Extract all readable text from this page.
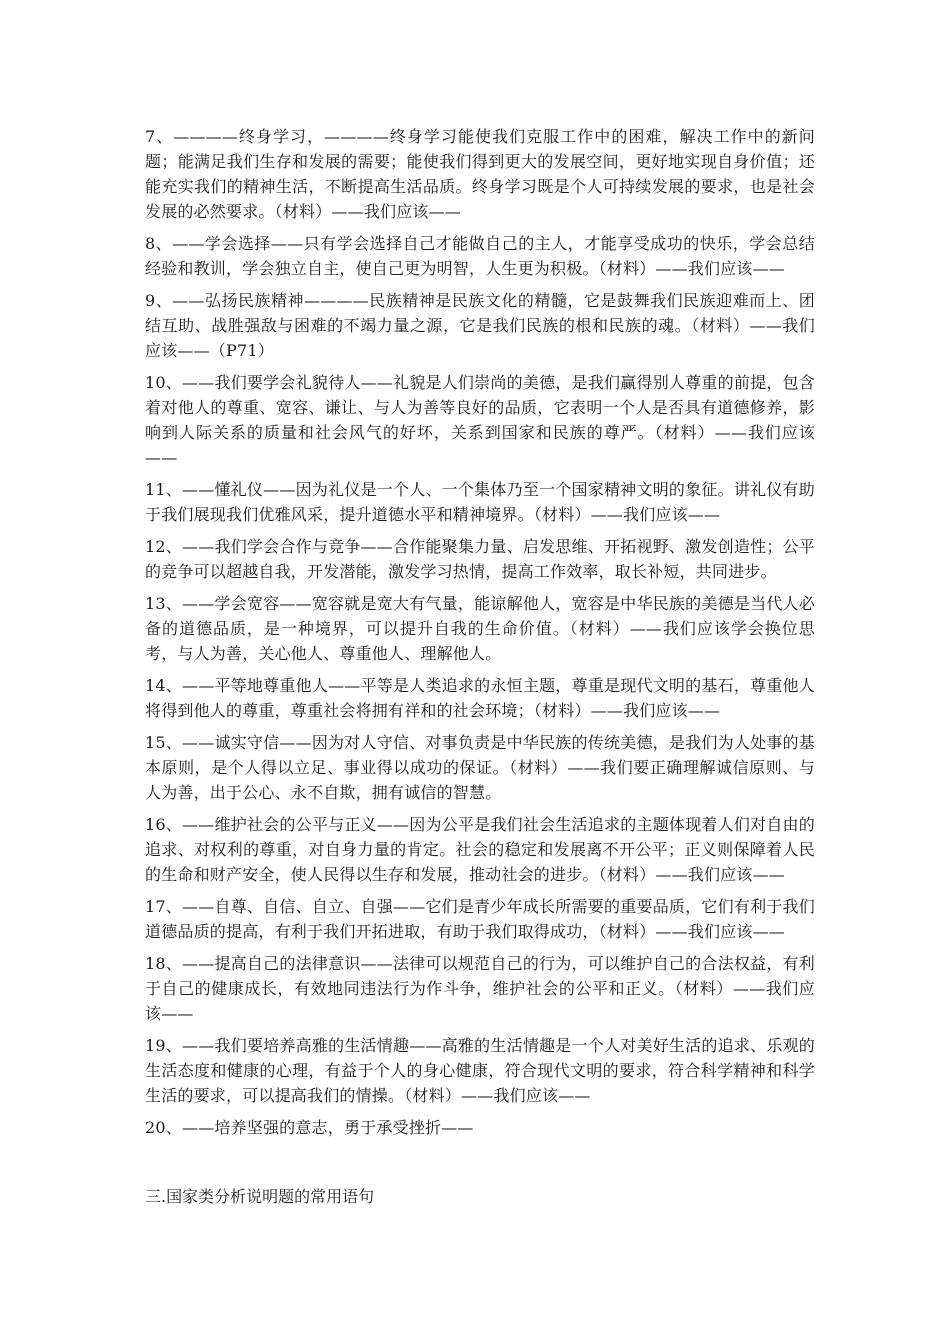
7、————终身学习，————终身学习能使我们克服工作中的困难，解决工作中的新问题；能满足我们生存和发展的需要；能使我们得到更大的发展空间，更好地实现自身价值；还能充实我们的精神生活，不断提高生活品质。终身学习既是个人可持续发展的要求，也是社会发展的必然要求。（材料）——我们应该——

8、——学会选择——只有学会选择自己才能做自己的主人，才能享受成功的快乐，学会总结经验和教训，学会独立自主，使自己更为明智，人生更为积极。（材料）——我们应该——

9、——弘扬民族精神————民族精神是民族文化的精髓，它是鼓舞我们民族迎难而上、团结互助、战胜强敌与困难的不竭力量之源，它是我们民族的根和民族的魂。（材料）——我们应该——（P71）

10、——我们要学会礼貌待人——礼貌是人们崇尚的美德，是我们赢得别人尊重的前提，包含着对他人的尊重、宽容、谦让、与人为善等良好的品质，它表明一个人是否具有道德修养，影响到人际关系的质量和社会风气的好坏，关系到国家和民族的尊严。（材料）——我们应该——

11、——懂礼仪——因为礼仪是一个人、一个集体乃至一个国家精神文明的象征。讲礼仪有助于我们展现我们优雅风采，提升道德水平和精神境界。（材料）——我们应该——

12、——我们学会合作与竞争——合作能聚集力量、启发思维、开拓视野、激发创造性；公平的竞争可以超越自我，开发潜能，激发学习热情，提高工作效率，取长补短，共同进步。

13、——学会宽容——宽容就是宽大有气量，能谅解他人，宽容是中华民族的美德是当代人必备的道德品质，是一种境界，可以提升自我的生命价值。（材料）——我们应该学会换位思考，与人为善，关心他人、尊重他人、理解他人。

14、——平等地尊重他人——平等是人类追求的永恒主题，尊重是现代文明的基石，尊重他人将得到他人的尊重，尊重社会将拥有祥和的社会环境；（材料）——我们应该——

15、——诚实守信——因为对人守信、对事负责是中华民族的传统美德，是我们为人处事的基本原则，是个人得以立足、事业得以成功的保证。（材料）——我们要正确理解诚信原则、与人为善，出于公心、永不自欺，拥有诚信的智慧。

16、——维护社会的公平与正义——因为公平是我们社会生活追求的主题体现着人们对自由的追求、对权利的尊重，对自身力量的肯定。社会的稳定和发展离不开公平；正义则保障着人民的生命和财产安全，使人民得以生存和发展，推动社会的进步。（材料）——我们应该——

17、——自尊、自信、自立、自强——它们是青少年成长所需要的重要品质，它们有利于我们道德品质的提高，有利于我们开拓进取，有助于我们取得成功，（材料）——我们应该——

18、——提高自己的法律意识——法律可以规范自己的行为，可以维护自己的合法权益，有利于自己的健康成长，有效地同违法行为作斗争，维护社会的公平和正义。（材料）——我们应该——

19、——我们要培养高雅的生活情趣——高雅的生活情趣是一个人对美好生活的追求、乐观的生活态度和健康的心理，有益于个人的身心健康，符合现代文明的要求，符合科学精神和科学生活的要求，可以提高我们的情操。（材料）——我们应该——

20、——培养坚强的意志，勇于承受挫折——

三.国家类分析说明题的常用语句
